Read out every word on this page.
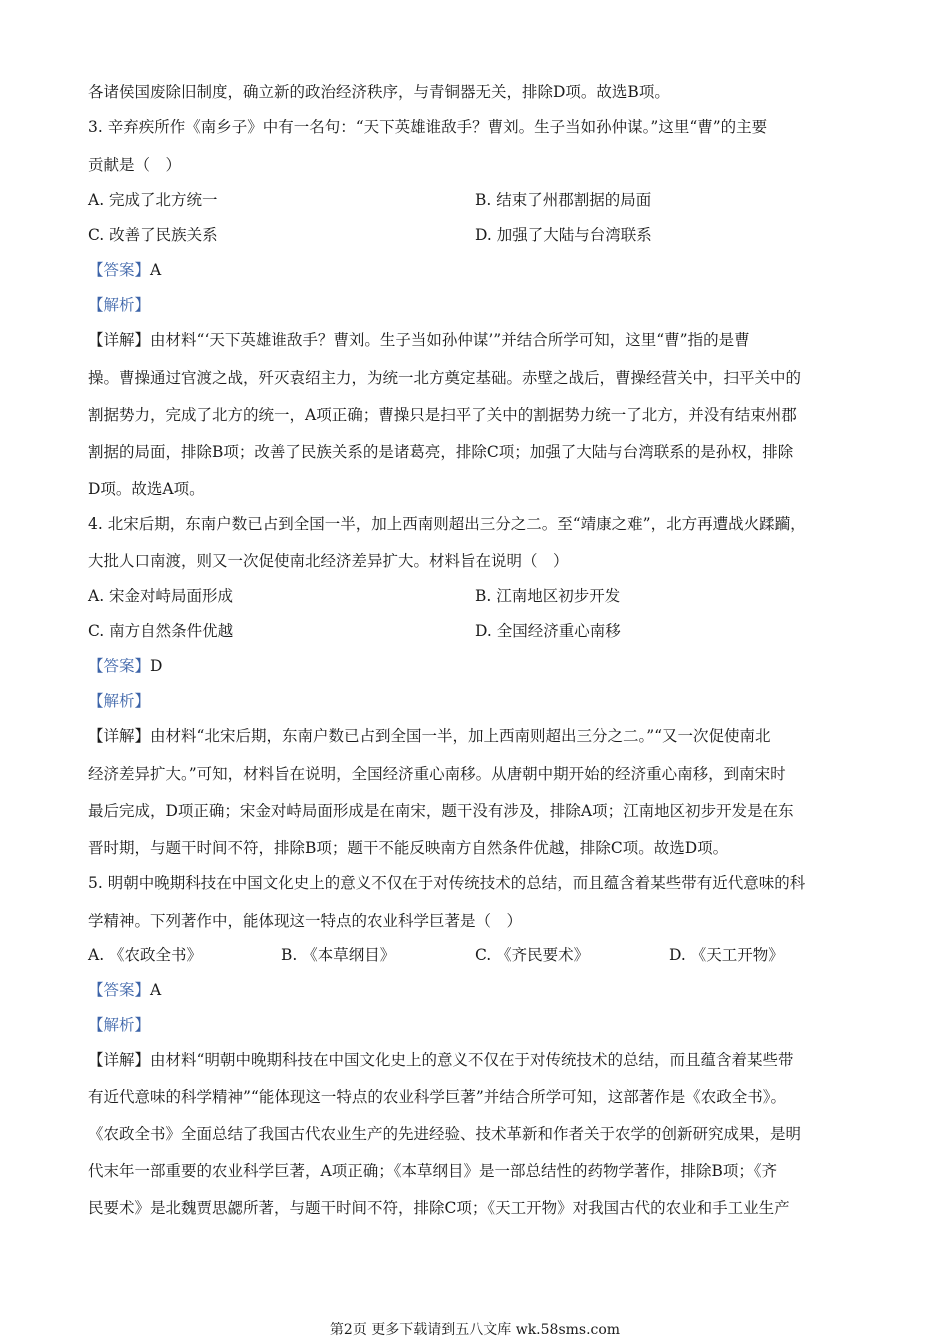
各诸侯国废除旧制度，确立新的政治经济秩序，与青铜器无关，排除D项。故选B项。
3. 辛弃疾所作《南乡子》中有一名句：“天下英雄谁敌手？曹刘。生子当如孙仲谋。”这里“曹”的主要
贡献是（　）
A. 完成了北方统一	B. 结束了州郡割据的局面
C. 改善了民族关系	D. 加强了大陆与台湾联系
【答案】A
【解析】
【详解】由材料“‘天下英雄谁敌手？曹刘。生子当如孙仲谋’”并结合所学可知，这里“曹”指的是曹
操。曹操通过官渡之战，歼灭袁绍主力，为统一北方奠定基础。赤壁之战后，曹操经营关中，扫平关中的
割据势力，完成了北方的统一，A项正确；曹操只是扫平了关中的割据势力统一了北方，并没有结束州郡
割据的局面，排除B项；改善了民族关系的是诸葛亮，排除C项；加强了大陆与台湾联系的是孙权，排除
D项。故选A项。
4. 北宋后期，东南户数已占到全国一半，加上西南则超出三分之二。至“靖康之难”，北方再遭战火蹂躏，
大批人口南渡，则又一次促使南北经济差异扩大。材料旨在说明（　）
A. 宋金对峙局面形成	B. 江南地区初步开发
C. 南方自然条件优越	D. 全国经济重心南移
【答案】D
【解析】
【详解】由材料“北宋后期，东南户数已占到全国一半，加上西南则超出三分之二。”“又一次促使南北
经济差异扩大。”可知，材料旨在说明，全国经济重心南移。从唐朝中期开始的经济重心南移，到南宋时
最后完成，D项正确；宋金对峙局面形成是在南宋，题干没有涉及，排除A项；江南地区初步开发是在东
晋时期，与题干时间不符，排除B项；题干不能反映南方自然条件优越，排除C项。故选D项。
5. 明朝中晚期科技在中国文化史上的意义不仅在于对传统技术的总结，而且蕴含着某些带有近代意味的科
学精神。下列著作中，能体现这一特点的农业科学巨著是（　）
A. 《农政全书》	B. 《本草纲目》	C. 《齐民要术》	D. 《天工开物》
【答案】A
【解析】
【详解】由材料“明朝中晚期科技在中国文化史上的意义不仅在于对传统技术的总结，而且蕴含着某些带
有近代意味的科学精神”“能体现这一特点的农业科学巨著”并结合所学可知，这部著作是《农政全书》。
《农政全书》全面总结了我国古代农业生产的先进经验、技术革新和作者关于农学的创新研究成果，是明
代末年一部重要的农业科学巨著，A项正确；《本草纲目》是一部总结性的药物学著作，排除B项；《齐
民要术》是北魏贾思勰所著，与题干时间不符，排除C项；《天工开物》对我国古代的农业和手工业生产
第2页 更多下载请到五八文库 wk.58sms.com
